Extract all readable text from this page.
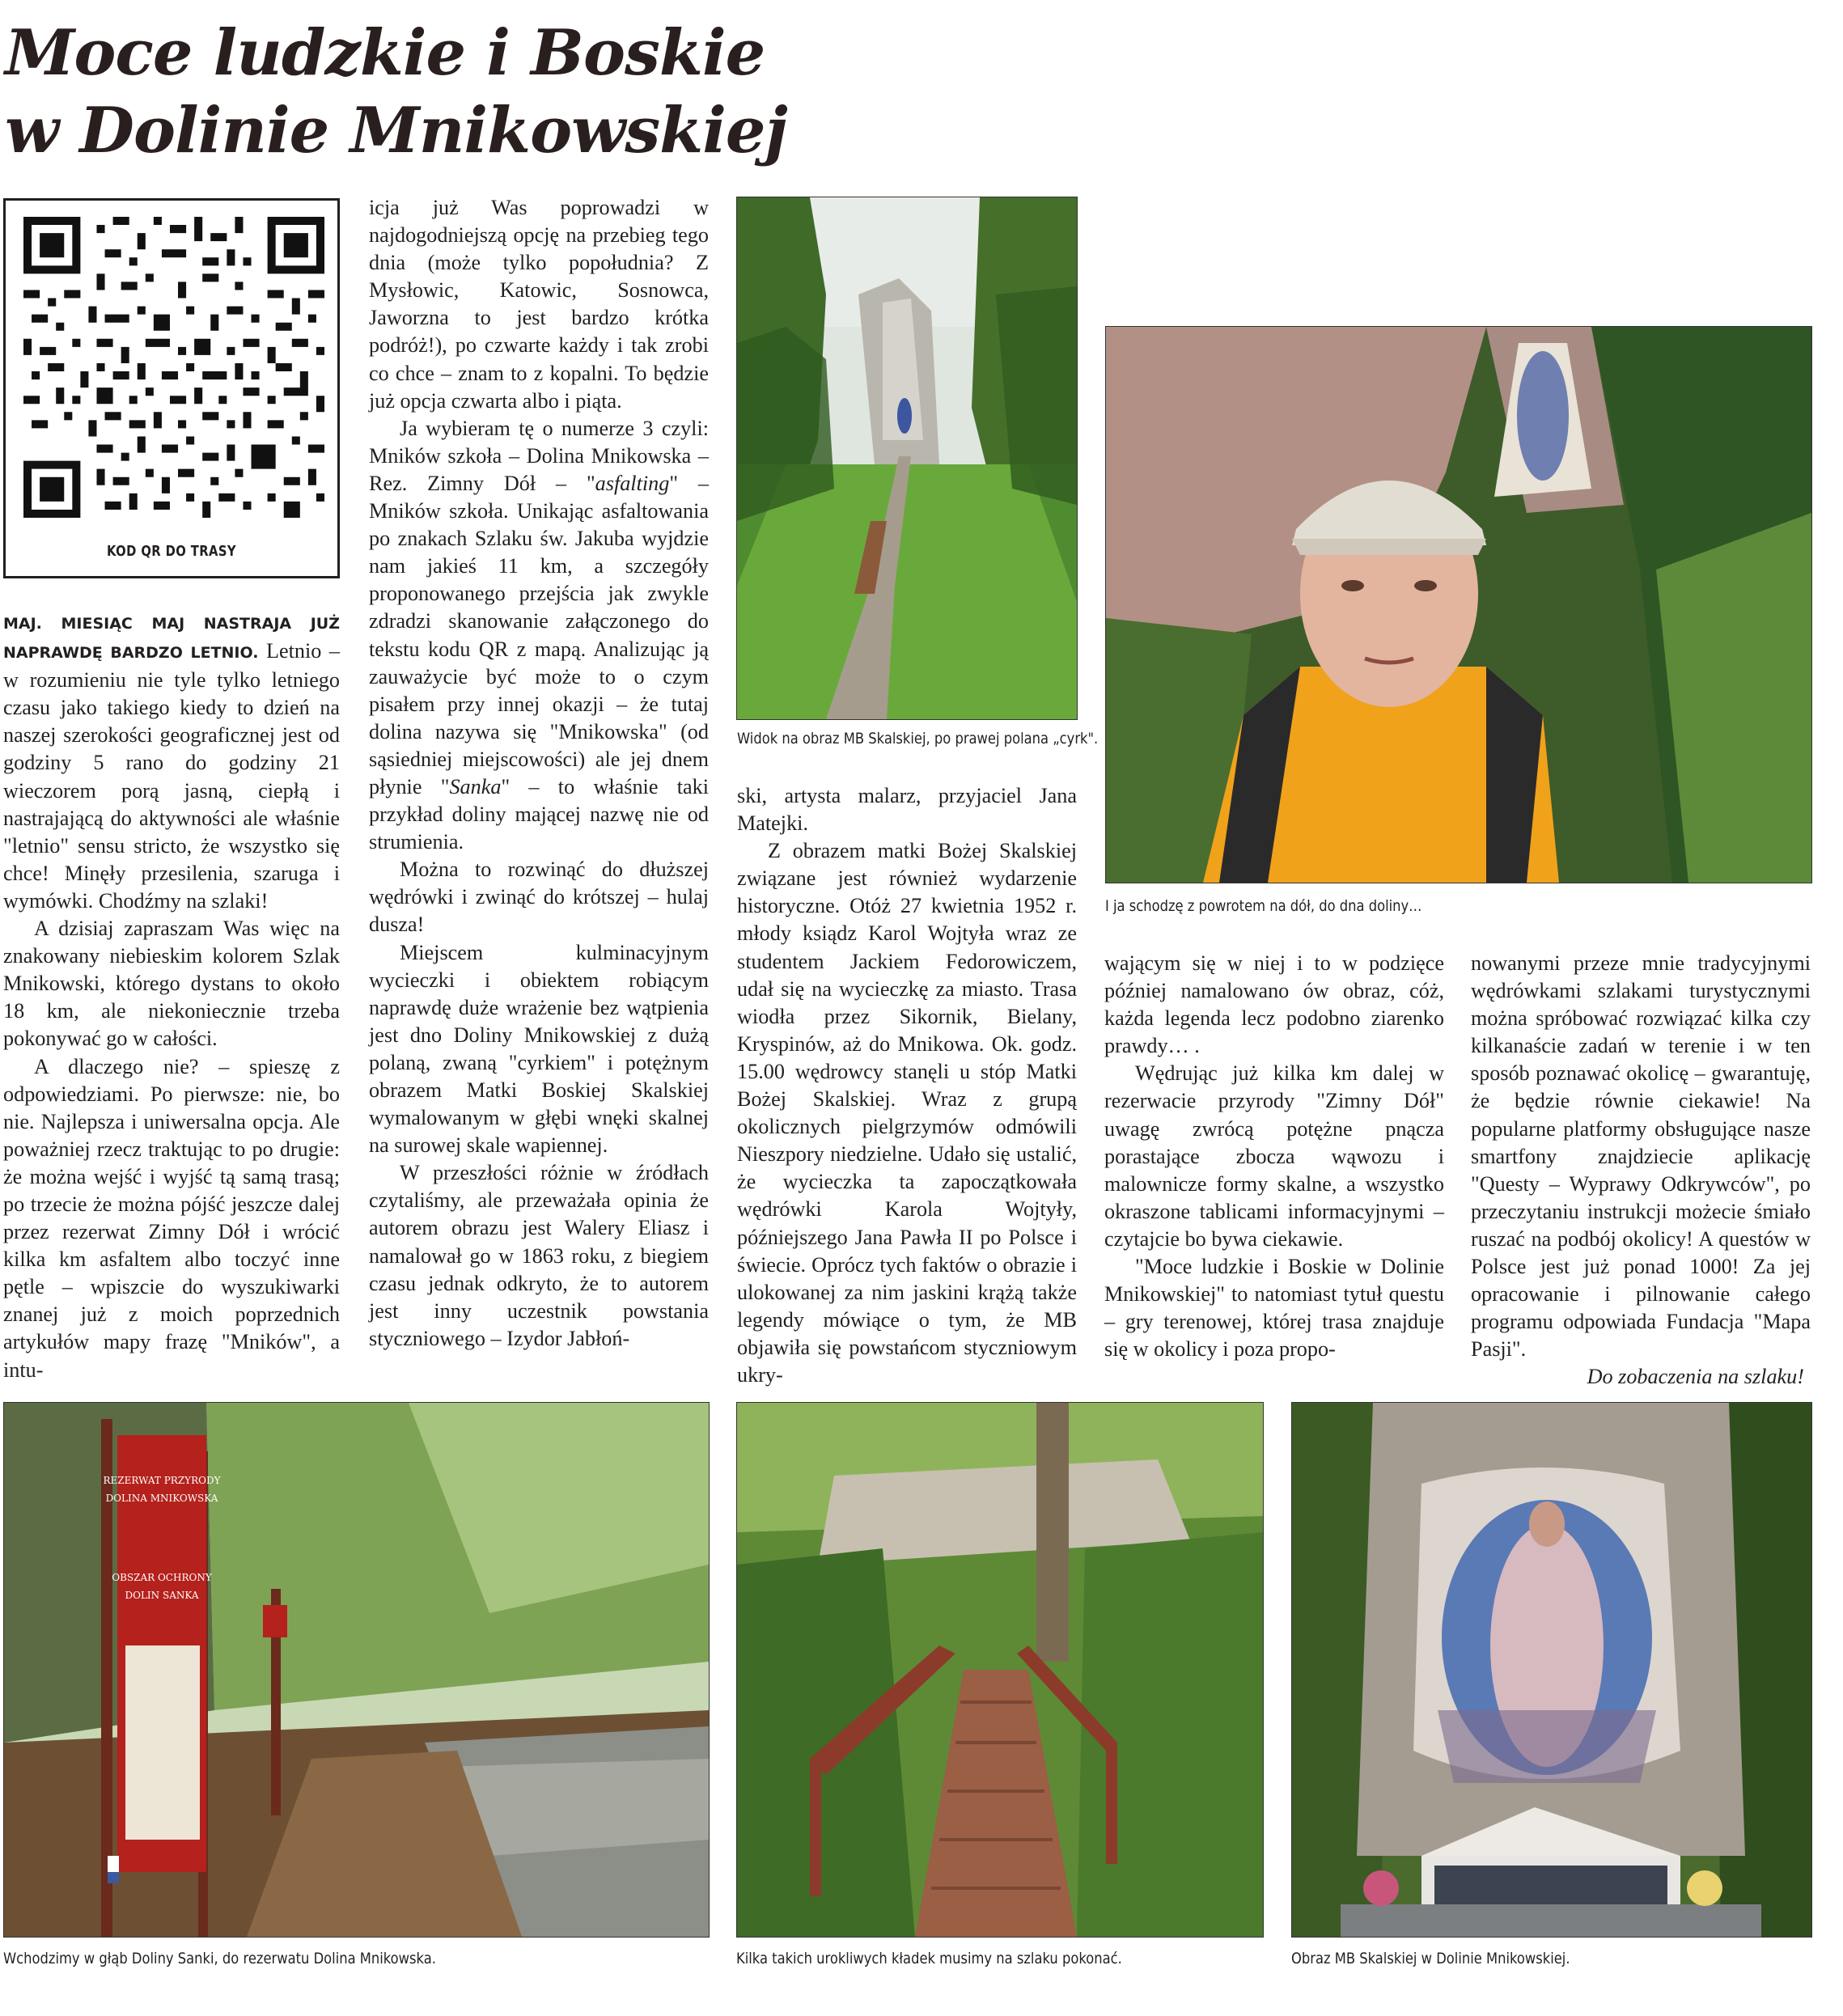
Moce ludzkie i Boskie
w Dolinie Mnikowskiej
KOD QR DO TRASY

MAJ. MIESIĄC MAJ NASTRAJA JUŻ NAPRAWDĘ BARDZO LETNIO. Letnio – w rozumieniu nie tyle tylko letniego czasu jako takiego kiedy to dzień na naszej szerokości geograficznej jest od godziny 5 rano do godziny 21 wieczorem porą jasną, ciepłą i nastrajającą do aktywności ale właśnie "letnio" sensu stricto, że wszystko się chce! Minęły przesilenia, szaruga i wymówki. Chodźmy na szlaki!

A dzisiaj zapraszam Was więc na znakowany niebieskim kolorem Szlak Mnikowski, którego dystans to około 18 km, ale niekoniecznie trzeba pokonywać go w całości.

A dlaczego nie? – spieszę z odpowiedziami. Po pierwsze: nie, bo nie. Najlepsza i uniwersalna opcja. Ale poważniej rzecz traktując to po drugie: że można wejść i wyjść tą samą trasą; po trzecie że można pójść jeszcze dalej przez rezerwat Zimny Dół i wrócić kilka km asfaltem albo toczyć inne pętle – wpiszcie do wyszukiwarki znanej już z moich poprzednich artykułów mapy frazę "Mników", a intu-

icja już Was poprowadzi w najdogodniejszą opcję na przebieg tego dnia (może tylko popołudnia? Z Mysłowic, Katowic, Sosnowca, Jaworzna to jest bardzo krótka podróż!), po czwarte każdy i tak zrobi co chce – znam to z kopalni. To będzie już opcja czwarta albo i piąta.

Ja wybieram tę o numerze 3 czyli: Mników szkoła – Dolina Mnikowska – Rez. Zimny Dół – "asfalting" – Mników szkoła. Unikając asfaltowania po znakach Szlaku św. Jakuba wyjdzie nam jakieś 11 km, a szczegóły proponowanego przejścia jak zwykle zdradzi skanowanie załączonego do tekstu kodu QR z mapą. Analizując ją zauważycie być może to o czym pisałem przy innej okazji – że tutaj dolina nazywa się "Mnikowska" (od sąsiedniej miejscowości) ale jej dnem płynie "Sanka" – to właśnie taki przykład doliny mającej nazwę nie od strumienia.

Można to rozwinąć do dłuższej wędrówki i zwinąć do krótszej – hulaj dusza!

Miejscem kulminacyjnym wycieczki i obiektem robiącym naprawdę duże wrażenie bez wątpienia jest dno Doliny Mnikowskiej z dużą polaną, zwaną "cyrkiem" i potężnym obrazem Matki Boskiej Skalskiej wymalowanym w głębi wnęki skalnej na surowej skale wapiennej.

W przeszłości różnie w źródłach czytaliśmy, ale przeważała opinia że autorem obrazu jest Walery Eliasz i namalował go w 1863 roku, z biegiem czasu jednak odkryto, że to autorem jest inny uczestnik powstania styczniowego – Izydor Jabłoń-

ski, artysta malarz, przyjaciel Jana Matejki.

Z obrazem matki Bożej Skalskiej związane jest również wydarzenie historyczne. Otóż 27 kwietnia 1952 r. młody ksiądz Karol Wojtyła wraz ze studentem Jackiem Fedorowiczem, udał się na wycieczkę za miasto. Trasa wiodła przez Sikornik, Bielany, Kryspinów, aż do Mnikowa. Ok. godz. 15.00 wędrowcy stanęli u stóp Matki Bożej Skalskiej. Wraz z grupą okolicznych pielgrzymów odmówili Nieszpory niedzielne. Udało się ustalić, że wycieczka ta zapoczątkowała wędrówki Karola Wojtyły, późniejszego Jana Pawła II po Polsce i świecie. Oprócz tych faktów o obrazie i ulokowanej za nim jaskini krążą także legendy mówiące o tym, że MB objawiła się powstańcom styczniowym ukry-

wającym się w niej i to w podzięce później namalowano ów obraz, cóż, każda legenda lecz podobno ziarenko prawdy… .

Wędrując już kilka km dalej w rezerwacie przyrody "Zimny Dół" uwagę zwrócą potężne pnącza porastające zbocza wąwozu i malownicze formy skalne, a wszystko okraszone tablicami informacyjnymi – czytajcie bo bywa ciekawie.

"Moce ludzkie i Boskie w Dolinie Mnikowskiej" to natomiast tytuł questu – gry terenowej, której trasa znajduje się w okolicy i poza propo-

nowanymi przeze mnie tradycyjnymi wędrówkami szlakami turystycznymi można spróbować rozwiązać kilka czy kilkanaście zadań w terenie i w ten sposób poznawać okolicę – gwarantuję, że będzie równie ciekawie! Na popularne platformy obsługujące nasze smartfony znajdziecie aplikację "Questy – Wyprawy Odkrywców", po przeczytaniu instrukcji możecie śmiało ruszać na podbój okolicy! A questów w Polsce jest już ponad 1000! Za jej opracowanie i pilnowanie całego programu odpowiada Fundacja "Mapa Pasji".

Do zobaczenia na szlaku!

Widok na obraz MB Skalskiej, po prawej polana „cyrk".
I ja schodzę z powrotem na dół, do dna doliny…
REZERWAT PRZYRODY
DOLINA MNIKOWSKA
OBSZAR OCHRONY
DOLIN SANKA
Wchodzimy w głąb Doliny Sanki, do rezerwatu Dolina Mnikowska.	Kilka takich urokliwych kładek musimy na szlaku pokonać.	Obraz MB Skalskiej w Dolinie Mnikowskiej.
